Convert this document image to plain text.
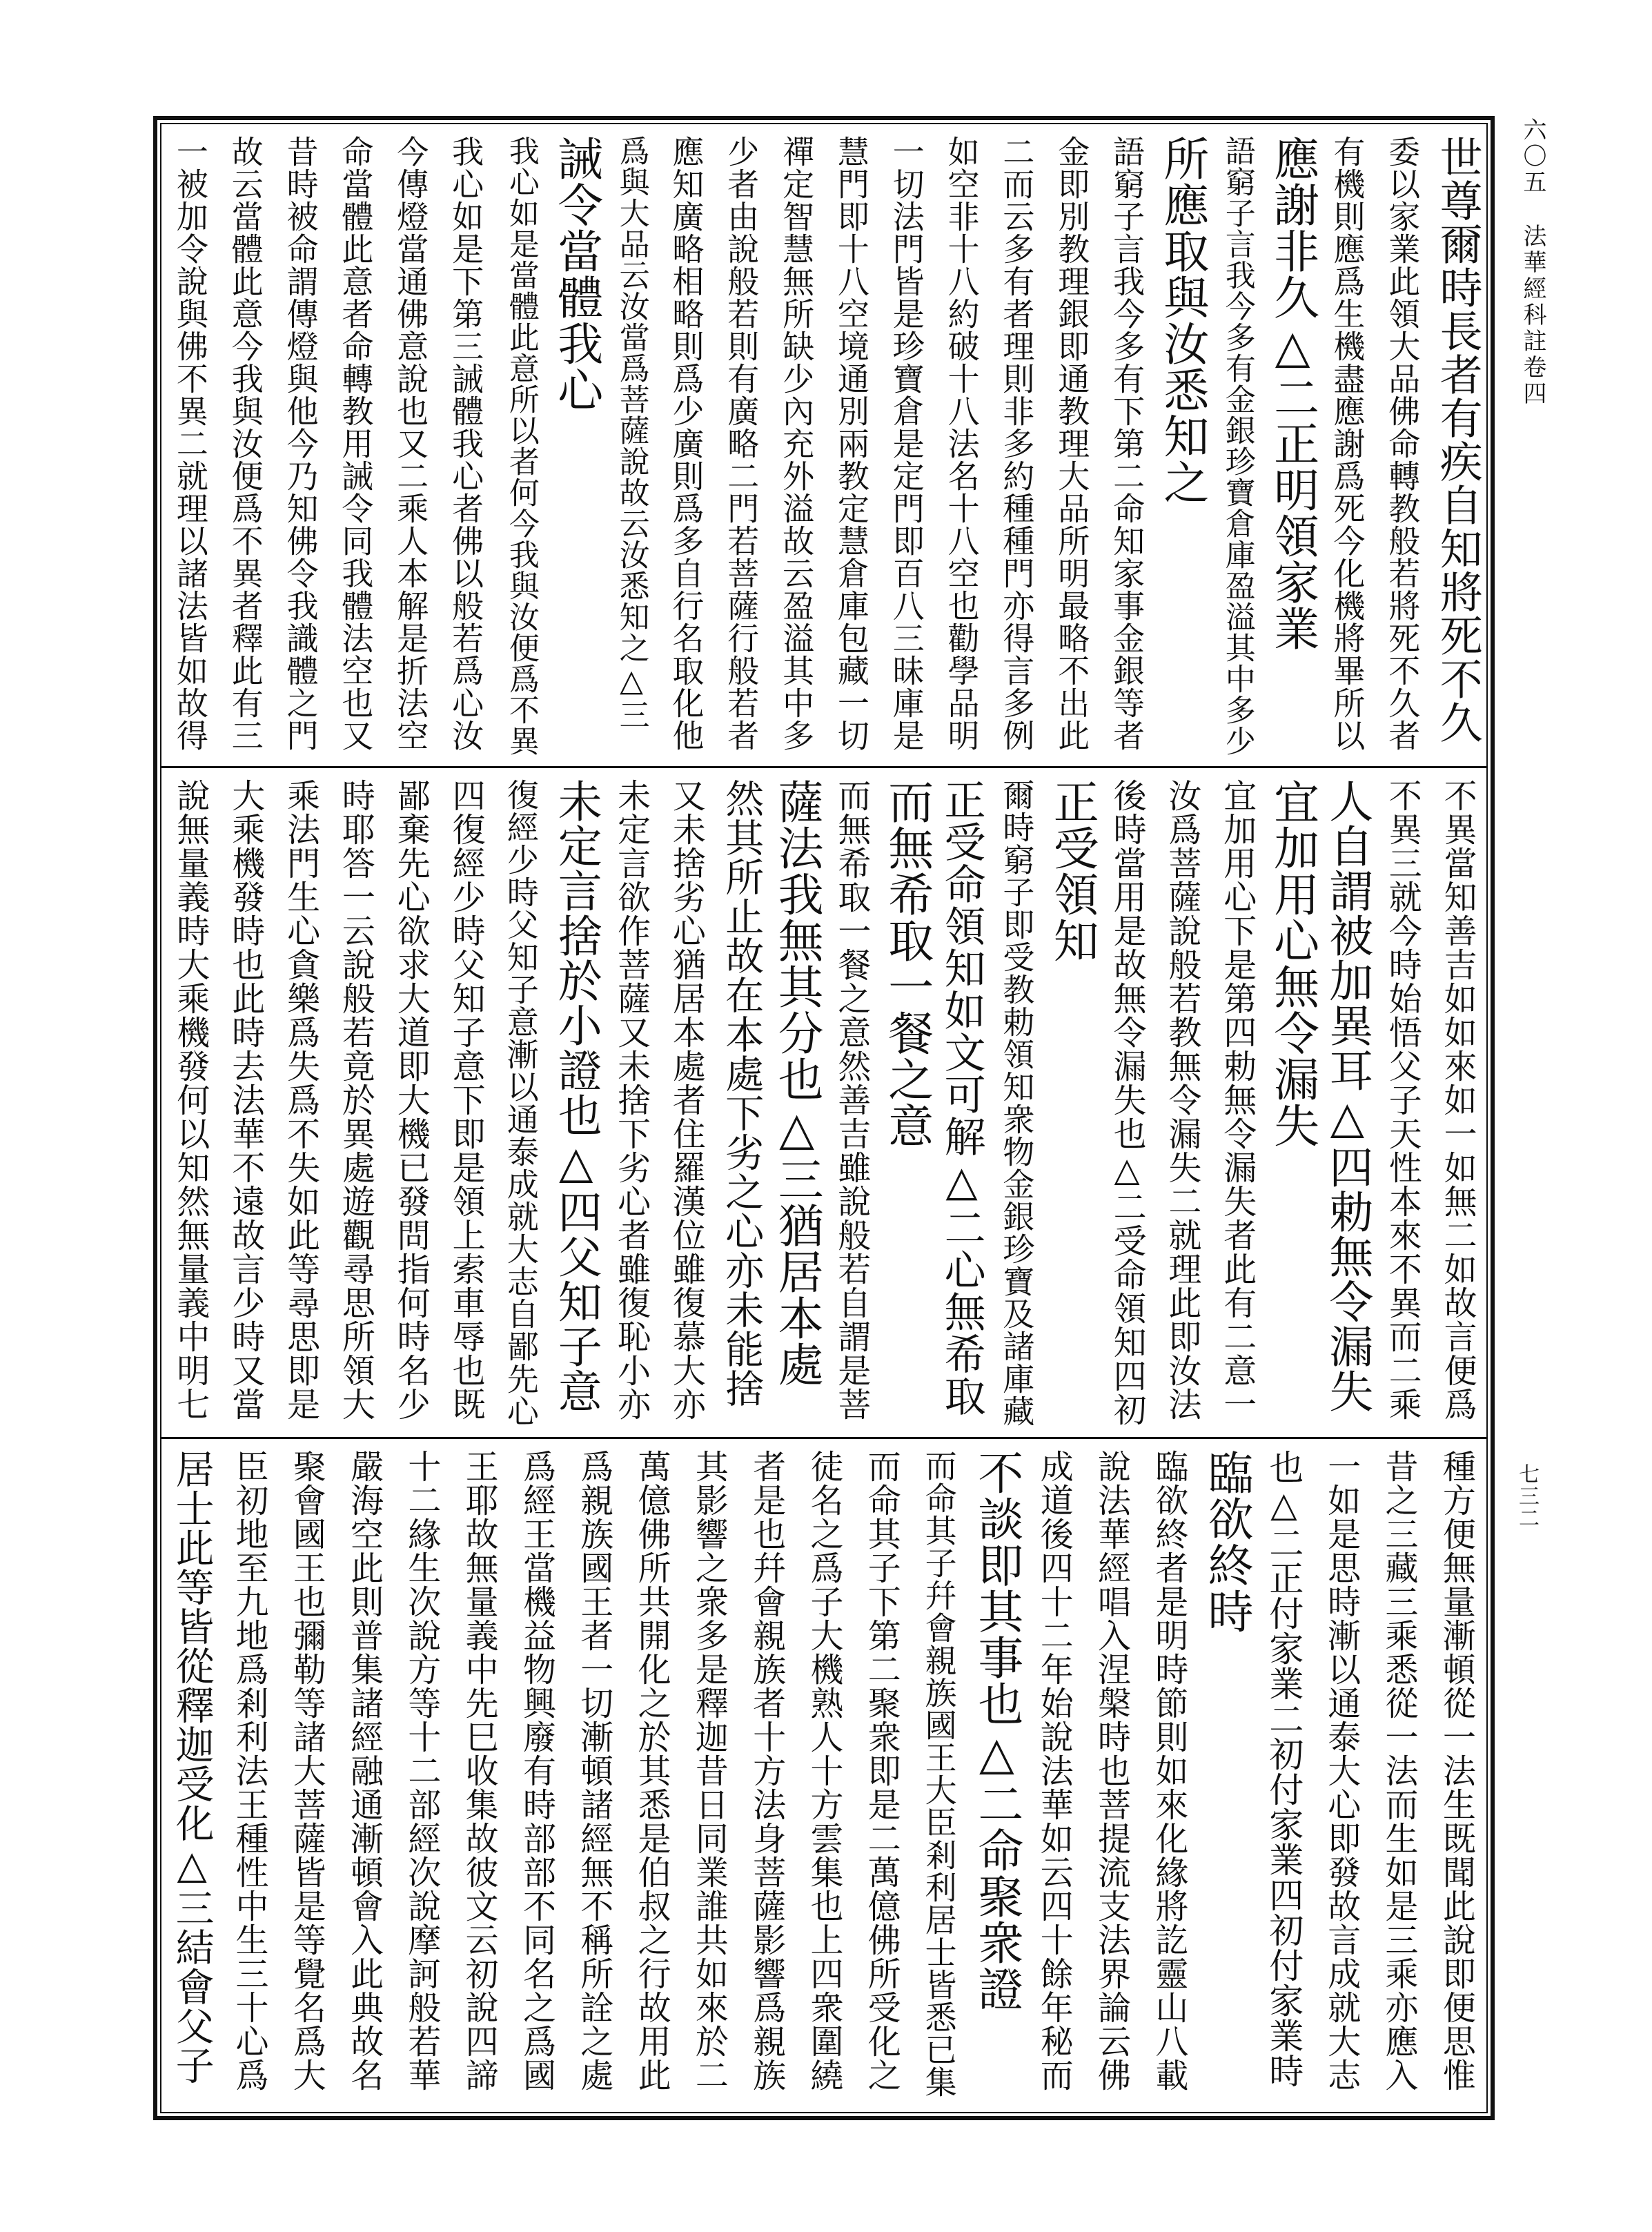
六〇五法華經科註卷四
七三二
世尊爾時長者有疾自知將死不久
委以家業此領大品佛命轉教般若將死不久者
有機則應爲生機盡應謝爲死今化機將畢所以
應謝非久△二正明領家業
語窮子言我今多有金銀珍寶倉庫盈溢其中多少
所應取與汝悉知之
語窮子言我今多有下第二命知家事金銀等者
金即別教理銀即通教理大品所明最略不出此
二而云多有者理則非多約種種門亦得言多例
如空非十八約破十八法名十八空也勸學品明
一切法門皆是珍寶倉是定門即百八三昧庫是
慧門即十八空境通別兩教定慧倉庫包藏一切
禪定智慧無所缺少內充外溢故云盈溢其中多
少者由說般若則有廣略二門若菩薩行般若者
應知廣略相略則爲少廣則爲多自行名取化他
爲與大品云汝當爲菩薩說故云汝悉知之△三
誡令當體我心
我心如是當體此意所以者何今我與汝便爲不異
我心如是下第三誡體我心者佛以般若爲心汝
今傳燈當通佛意說也又二乘人本解是折法空
命當體此意者命轉教用誡令同我體法空也又
昔時被命謂傳燈與他今乃知佛令我識體之門
故云當體此意今我與汝便爲不異者釋此有三
一被加令說與佛不異二就理以諸法皆如故得
不異當知善吉如如來如一如無二如故言便爲
不異三就今時始悟父子天性本來不異而二乘
人自謂被加異耳△四勅無令漏失
宜加用心無令漏失
宜加用心下是第四勅無令漏失者此有二意一
汝爲菩薩說般若教無令漏失二就理此即汝法
後時當用是故無令漏失也△二受命領知四初
正受領知
爾時窮子即受教勅領知衆物金銀珍寶及諸庫藏
正受命領知如文可解△二心無希取
而無希取一餐之意
而無希取一餐之意然善吉雖說般若自謂是菩
薩法我無其分也△三猶居本處
然其所止故在本處下劣之心亦未能捨
又未捨劣心猶居本處者住羅漢位雖復慕大亦
未定言欲作菩薩又未捨下劣心者雖復恥小亦
未定言捨於小證也△四父知子意
復經少時父知子意漸以通泰成就大志自鄙先心
四復經少時父知子意下即是領上索車辱也既
鄙棄先心欲求大道即大機已發問指何時名少
時耶答一云說般若竟於異處遊觀尋思所領大
乘法門生心貪樂爲失爲不失如此等尋思即是
大乘機發時也此時去法華不遠故言少時又當
說無量義時大乘機發何以知然無量義中明七
種方便無量漸頓從一法生既聞此說即便思惟
昔之三藏三乘悉從一法而生如是三乘亦應入
一如是思時漸以通泰大心即發故言成就大志
也△二正付家業二初付家業四初付家業時
臨欲終時
臨欲終者是明時節則如來化緣將訖靈山八載
說法華經唱入涅槃時也菩提流支法界論云佛
成道後四十二年始說法華如云四十餘年秘而
不談即其事也△二命聚衆證
而命其子幷會親族國王大臣剎利居士皆悉已集
而命其子下第二聚衆即是二萬億佛所受化之
徒名之爲子大機熟人十方雲集也上四衆圍繞
者是也幷會親族者十方法身菩薩影響爲親族
其影響之衆多是釋迦昔日同業誰共如來於二
萬億佛所共開化之於其悉是伯叔之行故用此
爲親族國王者一切漸頓諸經無不稱所詮之處
爲經王當機益物興廢有時部部不同名之爲國
王耶故無量義中先巳收集故彼文云初說四諦
十二緣生次說方等十二部經次說摩訶般若華
嚴海空此則普集諸經融通漸頓會入此典故名
聚會國王也彌勒等諸大菩薩皆是等覺名爲大
臣初地至九地爲剎利法王種性中生三十心爲
居士此等皆從釋迦受化△三結會父子
